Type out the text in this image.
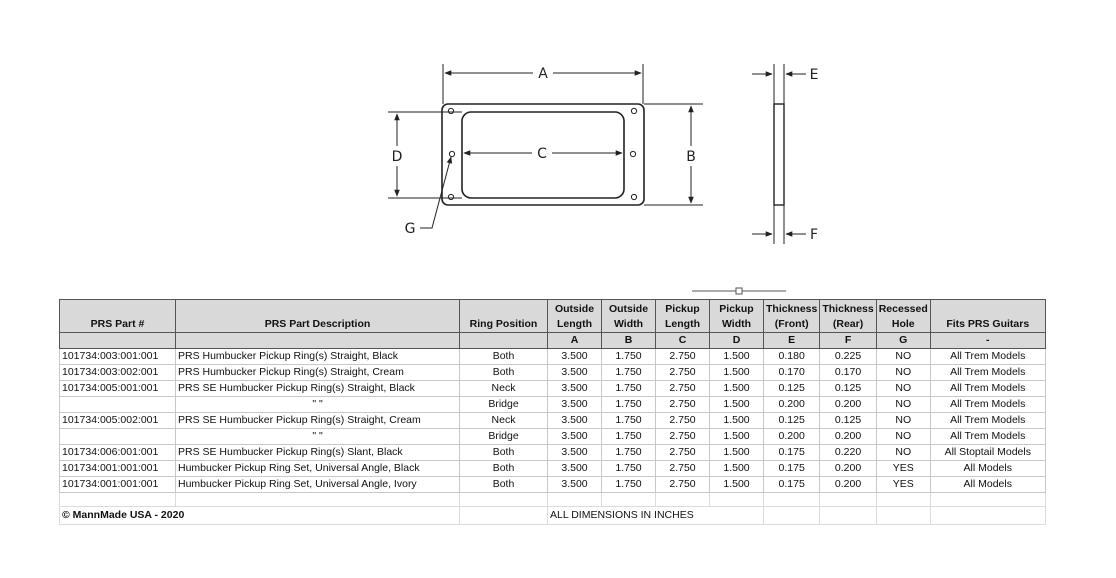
A
B
C
D
E
F
G
PRS Part #	PRS Part Description	Ring Position	Outside Length	Outside Width	Pickup Length	Pickup Width	Thickness (Front)	Thickness (Rear)	Recessed Hole	Fits PRS Guitars
			A	B	C	D	E	F	G	-
101734:003:001:001	PRS Humbucker Pickup Ring(s) Straight, Black	Both	3.500	1.750	2.750	1.500	0.180	0.225	NO	All Trem Models
101734:003:002:001	PRS Humbucker Pickup Ring(s) Straight, Cream	Both	3.500	1.750	2.750	1.500	0.170	0.170	NO	All Trem Models
101734:005:001:001	PRS SE Humbucker Pickup Ring(s) Straight, Black	Neck	3.500	1.750	2.750	1.500	0.125	0.125	NO	All Trem Models
	" "	Bridge	3.500	1.750	2.750	1.500	0.200	0.200	NO	All Trem Models
101734:005:002:001	PRS SE Humbucker Pickup Ring(s) Straight, Cream	Neck	3.500	1.750	2.750	1.500	0.125	0.125	NO	All Trem Models
	" "	Bridge	3.500	1.750	2.750	1.500	0.200	0.200	NO	All Trem Models
101734:006:001:001	PRS SE Humbucker Pickup Ring(s) Slant, Black	Both	3.500	1.750	2.750	1.500	0.175	0.220	NO	All Stoptail Models
101734:001:001:001	Humbucker Pickup Ring Set, Universal Angle, Black	Both	3.500	1.750	2.750	1.500	0.175	0.200	YES	All Models
101734:001:001:001	Humbucker Pickup Ring Set, Universal Angle, Ivory	Both	3.500	1.750	2.750	1.500	0.175	0.200	YES	All Models

© MannMade USA - 2020			ALL DIMENSIONS IN INCHES							
